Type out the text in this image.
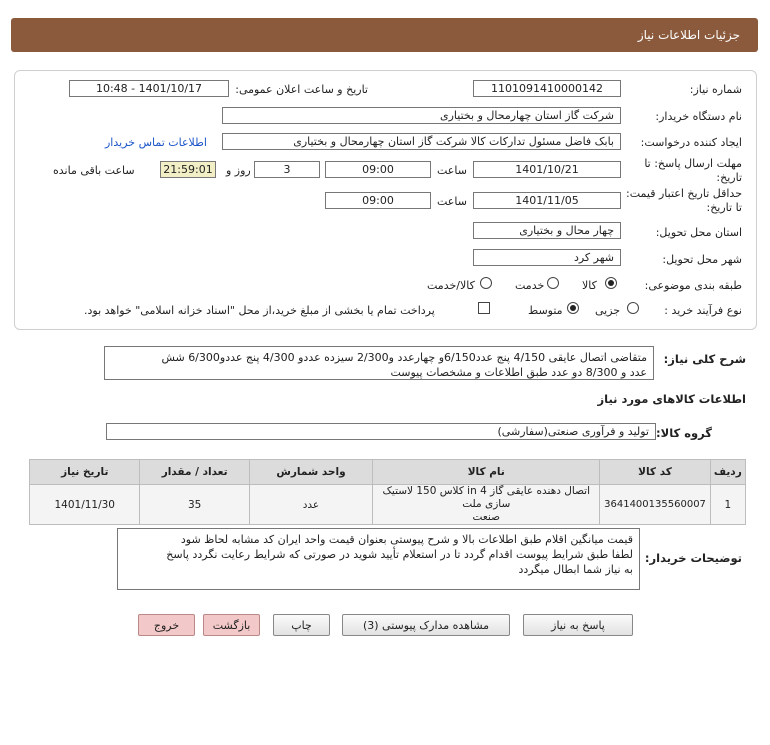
جزئیات اطلاعات نیاز
شماره نیاز:
1101091410000142
تاریخ و ساعت اعلان عمومی:
1401/10/17 - 10:48
نام دستگاه خریدار:
شرکت گاز استان چهارمحال و بختیاری
ایجاد کننده درخواست:
بابک فاضل مسئول تدارکات کالا شرکت گاز استان چهارمحال و بختیاری
اطلاعات تماس خریدار
مهلت ارسال پاسخ: تا تاریخ:
1401/10/21
ساعت
09:00
3
روز و
21:59:01
ساعت باقی مانده
حداقل تاریخ اعتبار قیمت: تا تاریخ:
1401/11/05
ساعت
09:00
استان محل تحویل:
چهار محال و بختیاری
شهر محل تحویل:
شهر کرد
طبقه بندی موضوعی:
کالا
خدمت
کالا/خدمت
نوع فرآیند خرید :
جزیی
متوسط
پرداخت تمام یا بخشی از مبلغ خرید،از محل "اسناد خزانه اسلامی" خواهد بود.
شرح کلی نیاز:
متقاضی اتصال عایقی 4/150 پنج عدد6/150و چهارعدد و2/300 سیزده عددو 4/300 پنج عددو6/300 شش
عدد و 8/300 دو عدد طبق اطلاعات و مشخصات پیوست
اطلاعات کالاهای مورد نیاز
گروه کالا:
تولید و فرآوری صنعتی(سفارشی)
ردیف	کد کالا	نام کالا	واحد شمارش	تعداد / مقدار	تاریخ نیاز
1	3641400135560007	اتصال دهنده عایقی گاز 4 in کلاس 150 لاستیک سازی ملت
صنعت	عدد	35	1401/11/30
توضیحات خریدار:
قیمت میانگین اقلام طبق اطلاعات بالا و شرح پیوستی بعنوان قیمت واحد ایران کد مشابه لحاظ شود
لطفا طبق شرایط پیوست اقدام گردد تا در استعلام تأیید شوید در صورتی که شرایط رعایت نگردد پاسخ
به نیاز شما ابطال میگردد
پاسخ به نیاز
مشاهده مدارک پیوستی (3)
چاپ
بازگشت
خروج
